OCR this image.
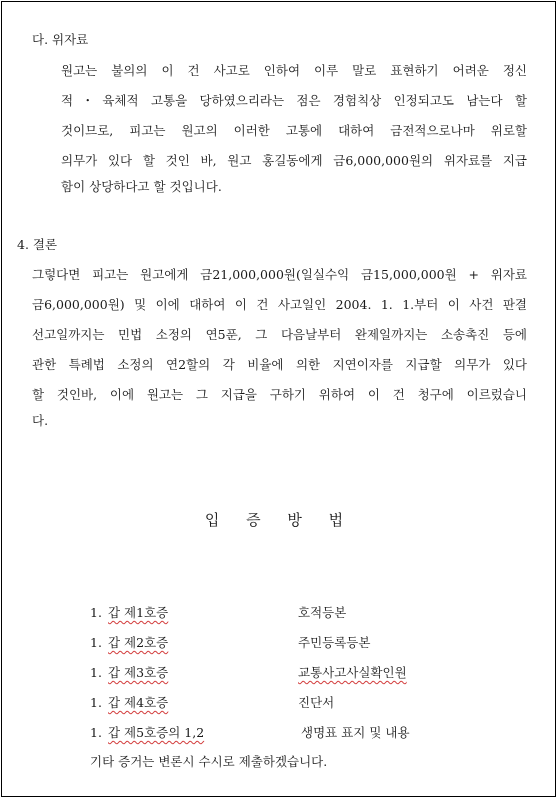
다. 위자료
원고는 불의의 이 건 사고로 인하여 이루 말로 표현하기 어려운 정신
적・육체적 고통을 당하였으리라는 점은 경험칙상 인정되고도 남는다 할
것이므로, 피고는 원고의 이러한 고통에 대하여 금전적으로나마 위로할
의무가 있다 할 것인 바, 원고 홍길동에게 금6,000,000원의 위자료를 지급
함이 상당하다고 할 것입니다.
4. 결론
그렇다면 피고는 원고에게 금21,000,000원(일실수익 금15,000,000원 + 위자료
금6,000,000원) 및 이에 대하여 이 건 사고일인 2004. 1. 1.부터 이 사건 판결
선고일까지는 민법 소정의 연5푼, 그 다음날부터 완제일까지는 소송촉진 등에
관한 특례법 소정의 연2할의 각 비율에 의한 지연이자를 지급할 의무가 있다
할 것인바, 이에 원고는 그 지급을 구하기 위하여 이 건 청구에 이르렀습니
다.
입 증 방 법
1. 갑 제1호증	호적등본
1. 갑 제2호증	주민등록등본
1. 갑 제3호증	교통사고사실확인원
1. 갑 제4호증	진단서
1. 갑 제5호증의 1,2	생명표 표지 및 내용
기타 증거는 변론시 수시로 제출하겠습니다.
